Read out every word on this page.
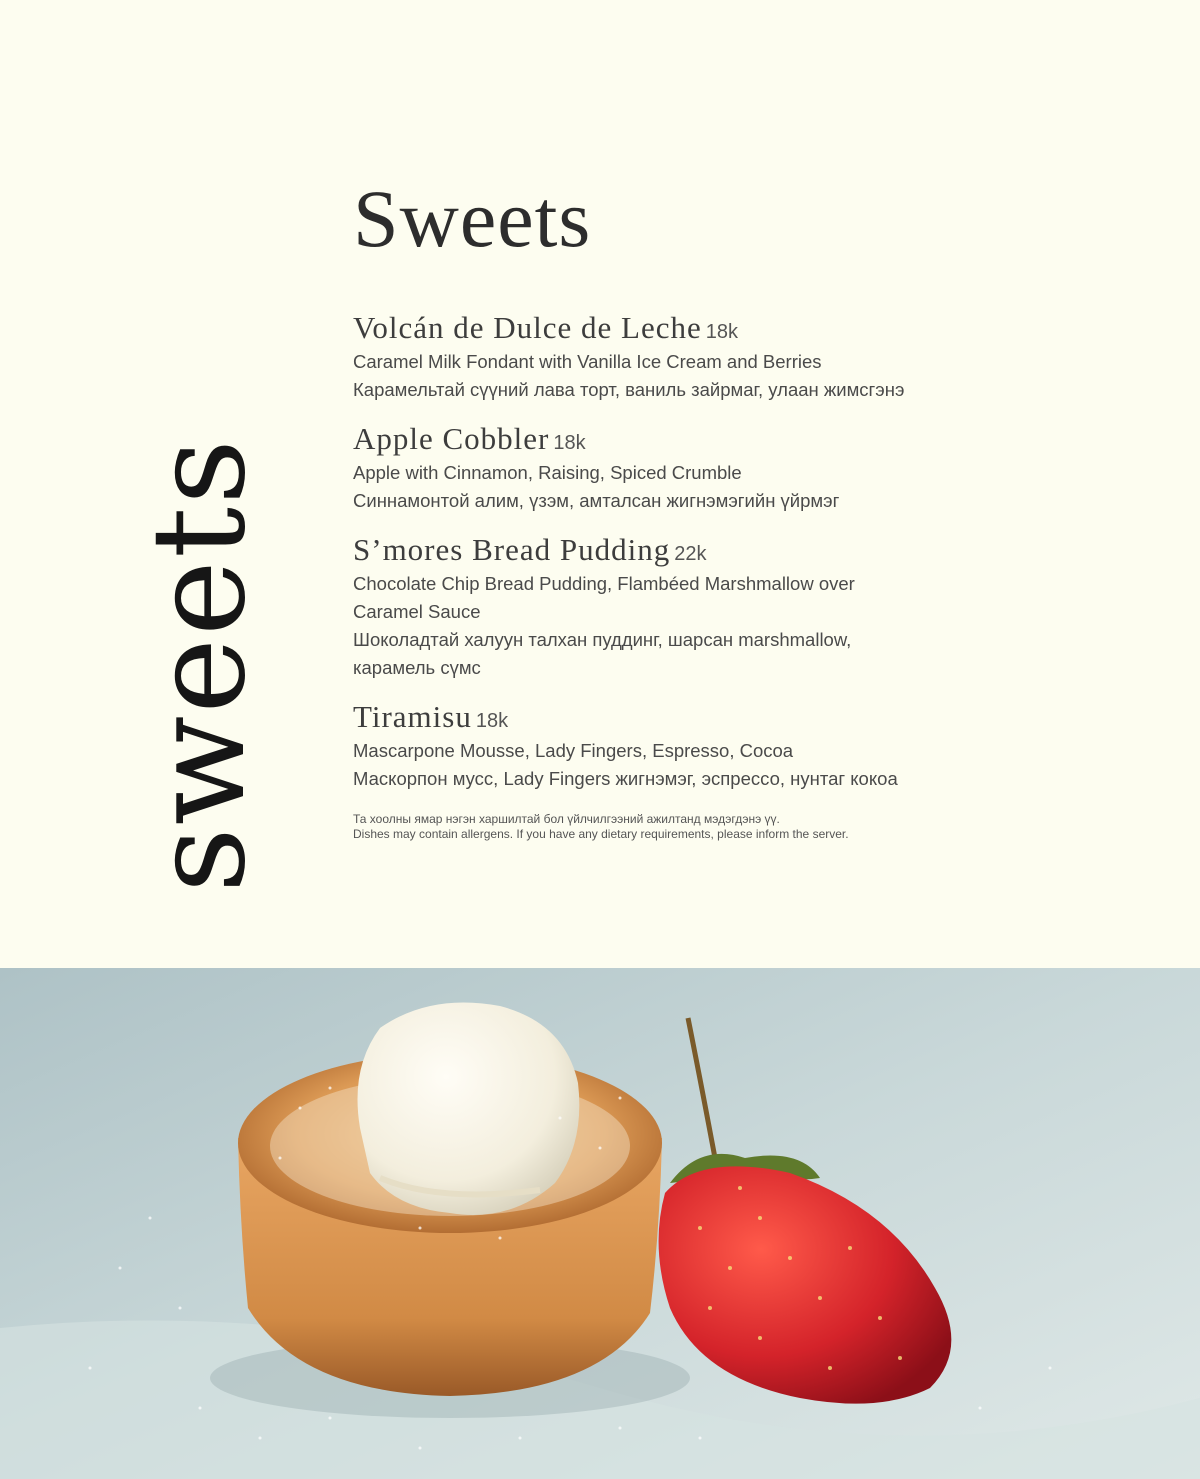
sweets
Sweets
Volcán de Dulce de Leche 18k
Caramel Milk Fondant with Vanilla Ice Cream and Berries
Карамельтай сүүний лава торт, ваниль зайрмаг, улаан жимсгэнэ
Apple Cobbler 18k
Apple with Cinnamon, Raising, Spiced Crumble
Синнамонтой алим, үзэм, амталсан жигнэмэгийн үйрмэг
S’mores Bread Pudding 22k
Chocolate Chip Bread Pudding, Flambéed Marshmallow over Caramel Sauce
Шоколадтай халуун талхан пуддинг, шарсан marshmallow, карамель сүмс
Tiramisu 18k
Mascarpone Mousse, Lady Fingers, Espresso, Cocoa
Маскорпон мусс, Lady Fingers жигнэмэг, эспрессо, нунтаг кокоа
Та хоолны ямар нэгэн харшилтай бол үйлчилгээний ажилтанд мэдэгдэнэ үү.
Dishes may contain allergens. If you have any dietary requirements, please inform the server.
